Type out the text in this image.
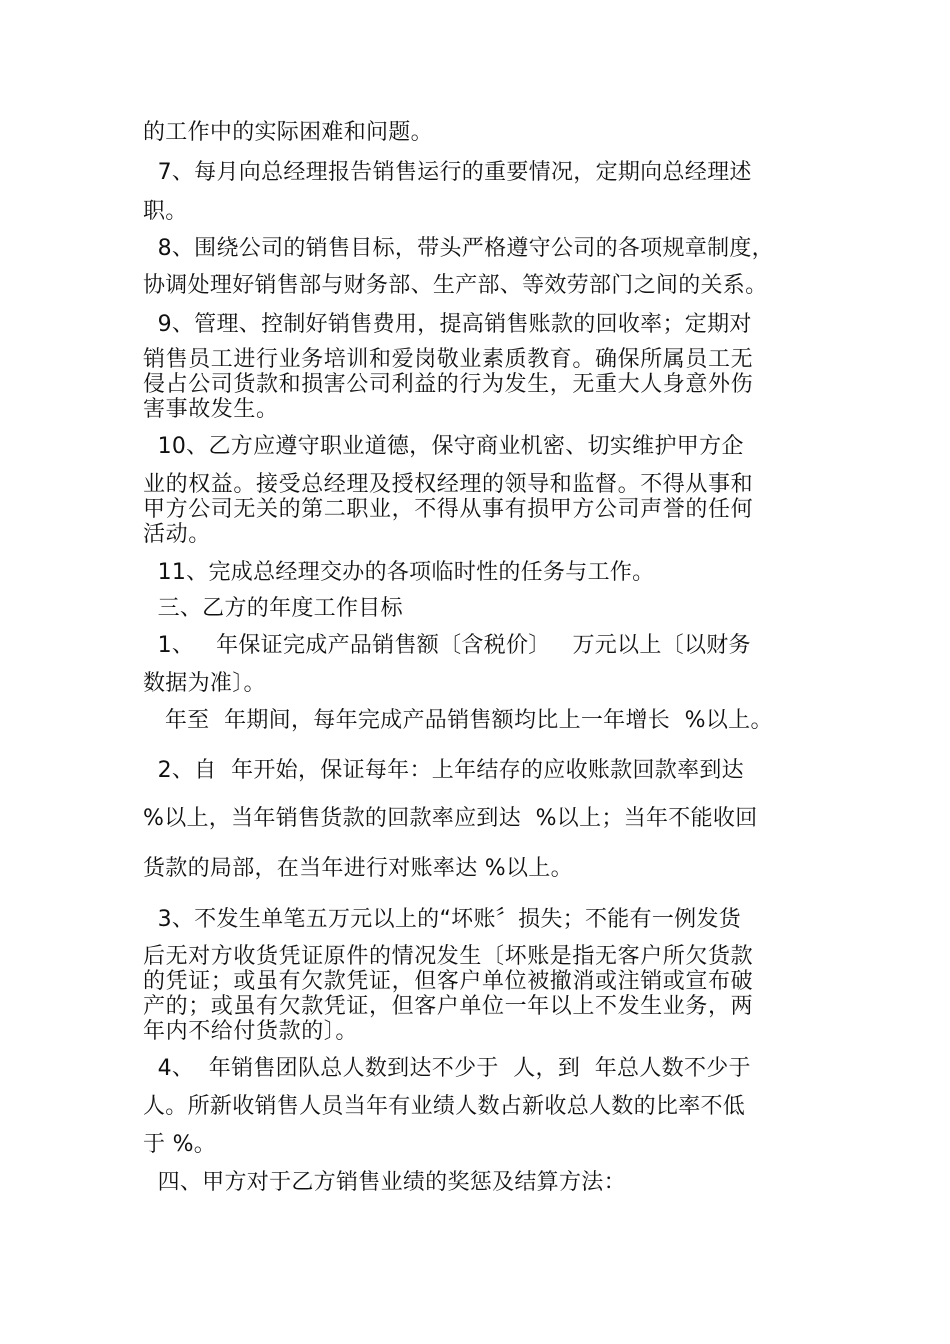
的工作中的实际困难和问题。
7、每月向总经理报告销售运行的重要情况，定期向总经理述
职。
8、围绕公司的销售目标，带头严格遵守公司的各项规章制度，
协调处理好销售部与财务部、生产部、等效劳部门之间的关系。
9、管理、控制好销售费用，提高销售账款的回收率；定期对
销售员工进行业务培训和爱岗敬业素质教育。确保所属员工无
侵占公司货款和损害公司利益的行为发生，无重大人身意外伤
害事故发生。
10、乙方应遵守职业道德，保守商业机密、切实维护甲方企
业的权益。接受总经理及授权经理的领导和监督。不得从事和
甲方公司无关的第二职业，不得从事有损甲方公司声誉的任何
活动。
11、完成总经理交办的各项临时性的任务与工作。
三、乙方的年度工作目标
1、   年保证完成产品销售额〔含税价〕   万元以上〔以财务
数据为准〕。
年至  年期间，每年完成产品销售额均比上一年增长  %以上。
2、自  年开始，保证每年：上年结存的应收账款回款率到达
%以上，当年销售货款的回款率应到达  %以上；当年不能收回
货款的局部，在当年进行对账率达 %以上。
3、不发生单笔五万元以上的“坏账〞损失；不能有一例发货
后无对方收货凭证原件的情况发生〔坏账是指无客户所欠货款
的凭证；或虽有欠款凭证，但客户单位被撤消或注销或宣布破
产的；或虽有欠款凭证，但客户单位一年以上不发生业务，两
年内不给付货款的〕。
4、  年销售团队总人数到达不少于  人，到  年总人数不少于
人。所新收销售人员当年有业绩人数占新收总人数的比率不低
于 %。
四、甲方对于乙方销售业绩的奖惩及结算方法：
